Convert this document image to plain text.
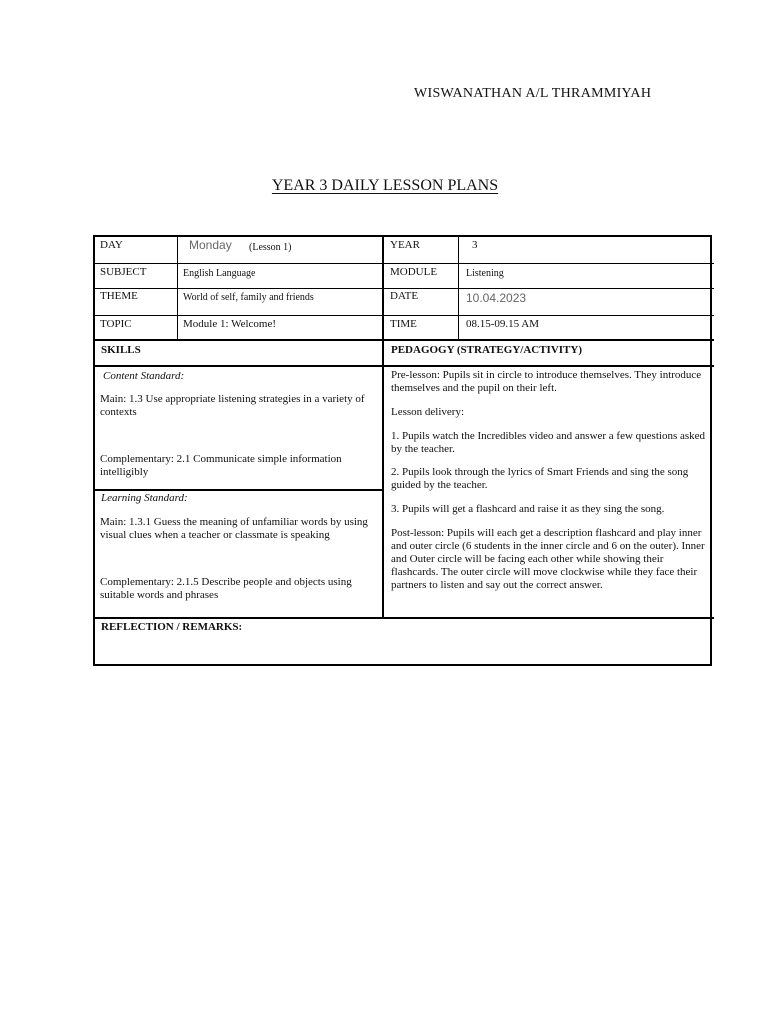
WISWANATHAN A/L THRAMMIYAH
YEAR 3 DAILY LESSON PLANS
DAY	Monday (Lesson 1)	YEAR	3
SUBJECT	English Language	MODULE	Listening
THEME	World of self, family and friends	DATE	10.04.2023
TOPIC	Module 1: Welcome!	TIME	08.15-09.15 AM
SKILLS	PEDAGOGY (STRATEGY/ACTIVITY)
Content Standard:
Main: 1.3 Use appropriate listening strategies in a variety of contexts
Complementary: 2.1 Communicate simple information intelligibly
Learning Standard:
Main: 1.3.1 Guess the meaning of unfamiliar words by using visual clues when a teacher or classmate is speaking
Complementary: 2.1.5 Describe people and objects using suitable words and phrases
Pre-lesson: Pupils sit in circle to introduce themselves. They introduce themselves and the pupil on their left.
Lesson delivery:
1. Pupils watch the Incredibles video and answer a few questions asked by the teacher.
2. Pupils look through the lyrics of Smart Friends and sing the song guided by the teacher.
3. Pupils will get a flashcard and raise it as they sing the song.
Post-lesson: Pupils will each get a description flashcard and play inner and outer circle (6 students in the inner circle and 6 on the outer). Inner and Outer circle will be facing each other while showing their flashcards. The outer circle will move clockwise while they face their partners to listen and say out the correct answer.
REFLECTION / REMARKS:
